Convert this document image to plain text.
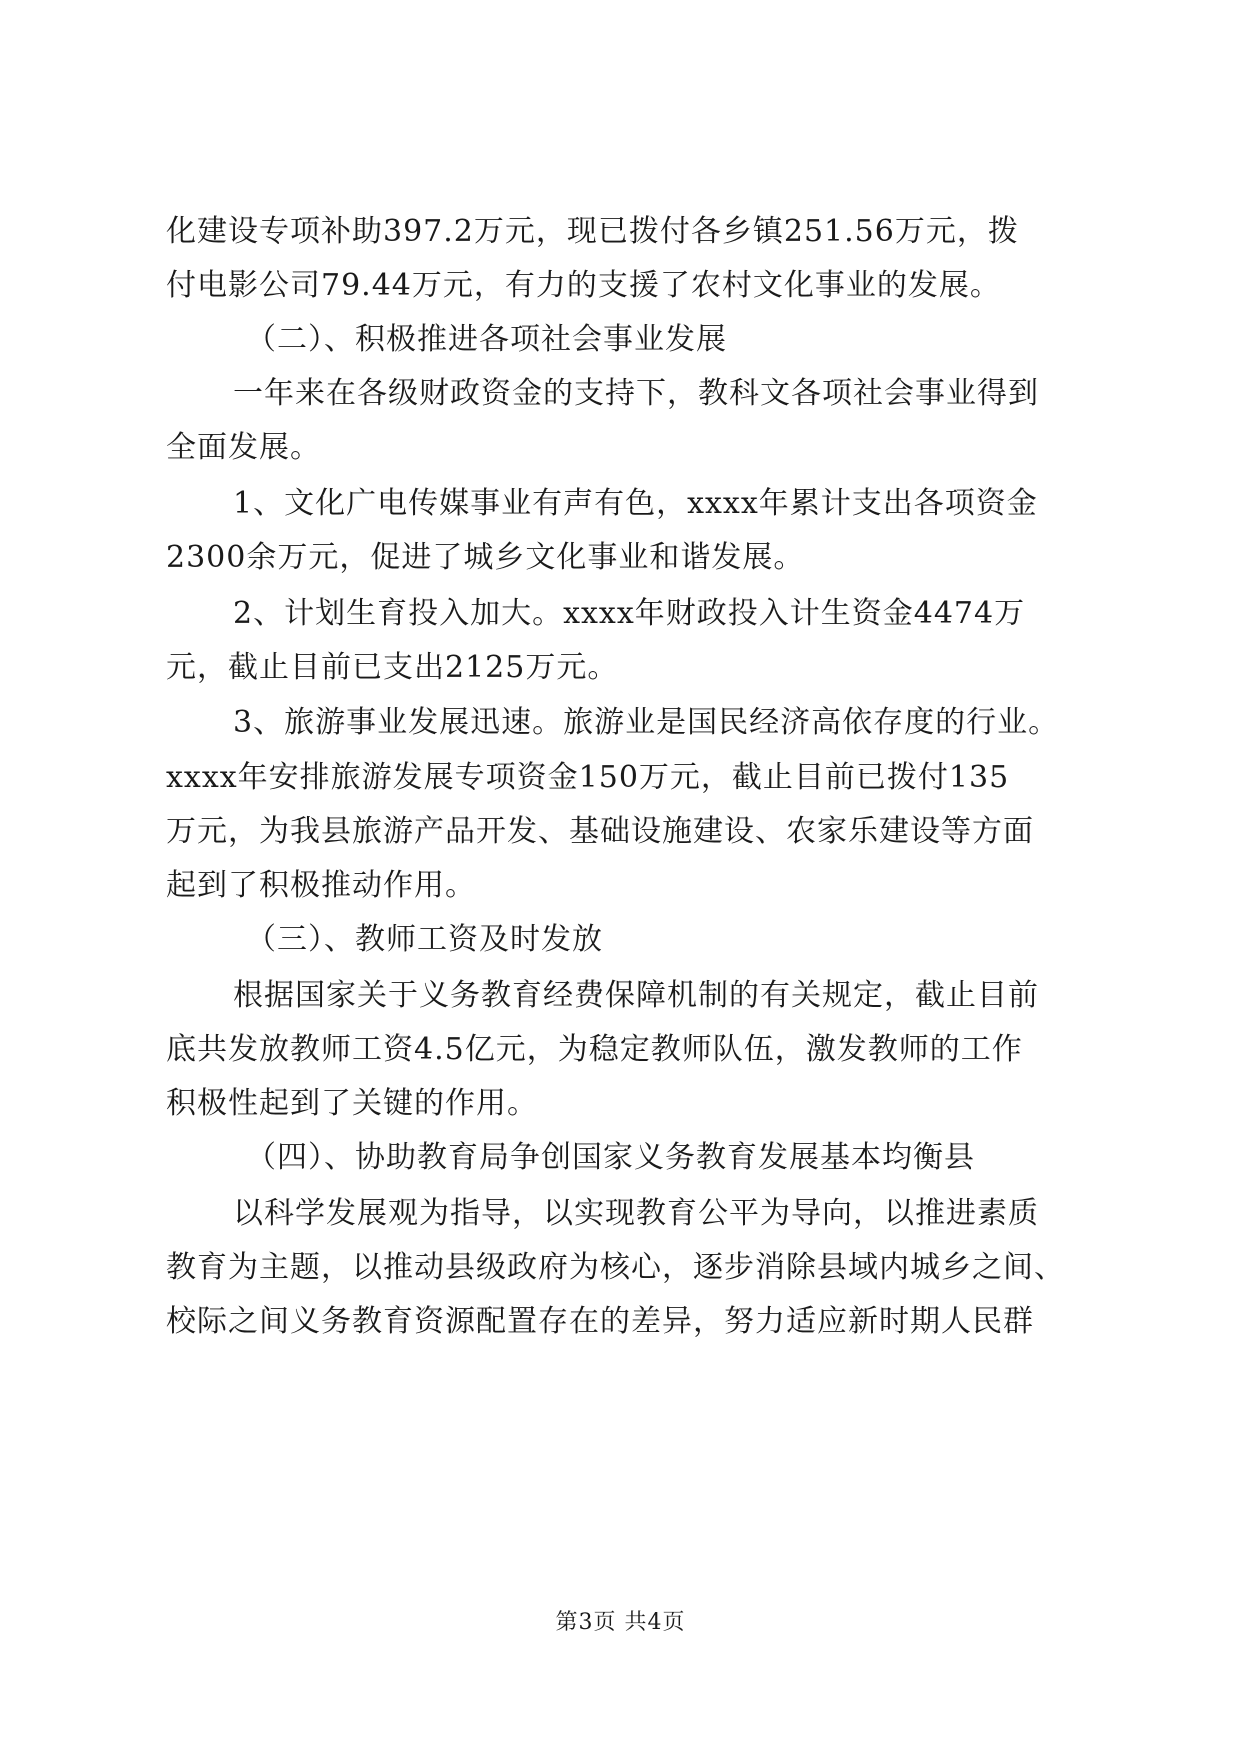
化建设专项补助397.2万元，现已拨付各乡镇251.56万元，拨
付电影公司79.44万元，有力的支援了农村文化事业的发展。
（二）、积极推进各项社会事业发展
一年来在各级财政资金的支持下，教科文各项社会事业得到
全面发展。
1、文化广电传媒事业有声有色，xxxx年累计支出各项资金
2300余万元，促进了城乡文化事业和谐发展。
2、计划生育投入加大。xxxx年财政投入计生资金4474万
元，截止目前已支出2125万元。
3、旅游事业发展迅速。旅游业是国民经济高依存度的行业。
xxxx年安排旅游发展专项资金150万元，截止目前已拨付135
万元，为我县旅游产品开发、基础设施建设、农家乐建设等方面
起到了积极推动作用。
（三）、教师工资及时发放
根据国家关于义务教育经费保障机制的有关规定，截止目前
底共发放教师工资4.5亿元，为稳定教师队伍，激发教师的工作
积极性起到了关键的作用。
（四）、协助教育局争创国家义务教育发展基本均衡县
以科学发展观为指导，以实现教育公平为导向，以推进素质
教育为主题，以推动县级政府为核心，逐步消除县域内城乡之间、
校际之间义务教育资源配置存在的差异，努力适应新时期人民群
第3页 共4页
